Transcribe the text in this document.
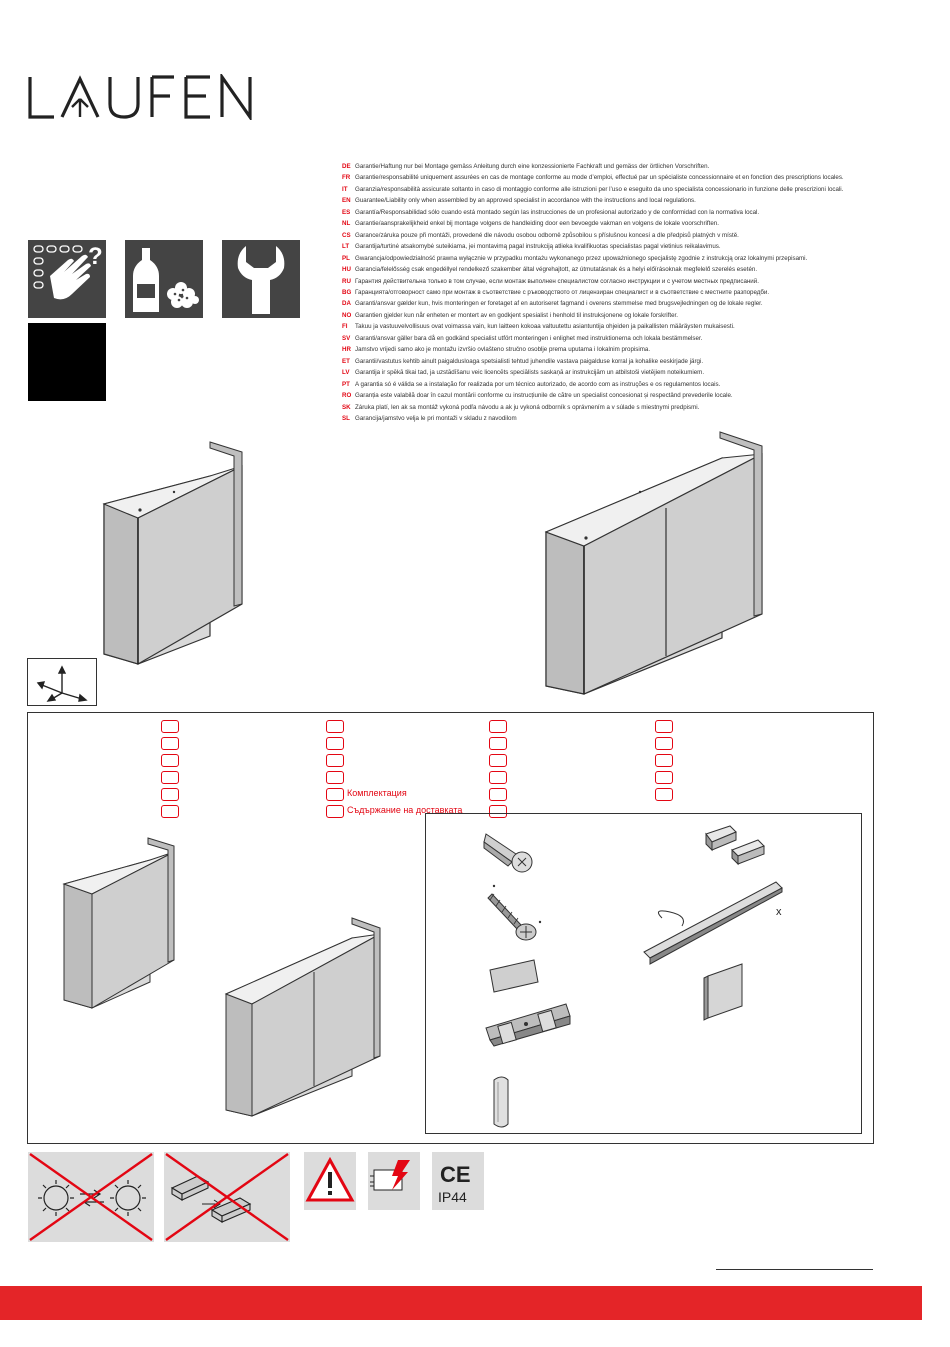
?
DE Garantie/Haftung nur bei Montage gemäss Anleitung durch eine konzessionierte Fachkraft und gemäss der örtlichen Vorschriften.
FR Garantie/responsabilité uniquement assurées en cas de montage conforme au mode d’emploi, effectué par un spécialiste concessionnaire et en fonction des prescriptions locales.
IT Garanzia/responsabilità assicurate soltanto in caso di montaggio conforme alle istruzioni per l’uso e eseguito da uno specialista concessionario in funzione delle prescrizioni locali.
EN Guarantee/Liability only when assembled by an approved specialist in accordance with the instructions and local regulations.
ES Garantía/Responsabilidad sólo cuando está montado según las instrucciones de un profesional autorizado y de conformidad con la normativa local.
NL Garantie/aansprakelijkheid enkel bij montage volgens de handleiding door een bevoegde vakman en volgens de lokale voorschriften.
CS Garance/záruka pouze při montáži, provedené dle návodu osobou odborně způsobilou s příslušnou koncesí a dle předpisů platných v místě.
LT Garantija/turtinė atsakomybė suteikiama, jei montavimą pagal instrukciją atlieka kvalifikuotas specialistas pagal vietinius reikalavimus.
PL Gwarancja/odpowiedzialność prawna wyłącznie w przypadku montażu wykonanego przez upoważnionego specjalistę zgodnie z instrukcją oraz lokalnymi przepisami.
HU Garancia/felelősség csak engedéllyel rendelkező szakember által végrehajtott, az útmutatásnak és a helyi előírásoknak megfelelő szerelés esetén.
RU Гарантия действительна только в том случае, если монтаж выполнен специалистом согласно инструкции и с учетом местных предписаний.
BG Гаранцията/отговорност само при монтаж в съответствие с ръководството от лицензиран специалист и в съответствие с местните разпоредби.
DA Garanti/ansvar gælder kun, hvis monteringen er foretaget af en autoriseret fagmand i overens stemmelse med brugsvejledningen og de lokale regler.
NO Garantien gjelder kun når enheten er montert av en godkjent spesialist i henhold til instruksjonene og lokale forskrifter.
FI Takuu ja vastuuvelvollisuus ovat voimassa vain, kun laitteen kokoaa valtuutettu asiantuntija ohjeiden ja paikallisten määräysten mukaisesti.
SV Garanti/ansvar gäller bara då en godkänd specialist utfört monteringen i enlighet med instruktionerna och lokala bestämmelser.
HR Jamstvo vrijedi samo ako je montažu izvršio ovlašteno stručno osoblje prema uputama i lokalnim propisima.
ET Garantii/vastutus kehtib ainult paigaldusloaga spetsialisti tehtud juhendile vastava paigalduse korral ja kohalike eeskirjade järgi.
LV Garantija ir spēkā tikai tad, ja uzstādīšanu veic licencēts speciālists saskaņā ar instrukcijām un atbilstoši vietējiem noteikumiem.
PT A garantia só é válida se a instalação for realizada por um técnico autorizado, de acordo com as instruções e os regulamentos locais.
RO Garanția este valabilă doar în cazul montării conforme cu instrucțiunile de către un specialist concesionat și respectând prevederile locale.
SK Záruka platí, len ak sa montáž vykoná podľa návodu a ak ju vykoná odborník s oprávnením a v súlade s miestnymi predpismi.
SL Garancija/jamstvo velja le pri montaži v skladu z navodilom
Комплектация
Съдържание на доставката
x
CE
IP44
